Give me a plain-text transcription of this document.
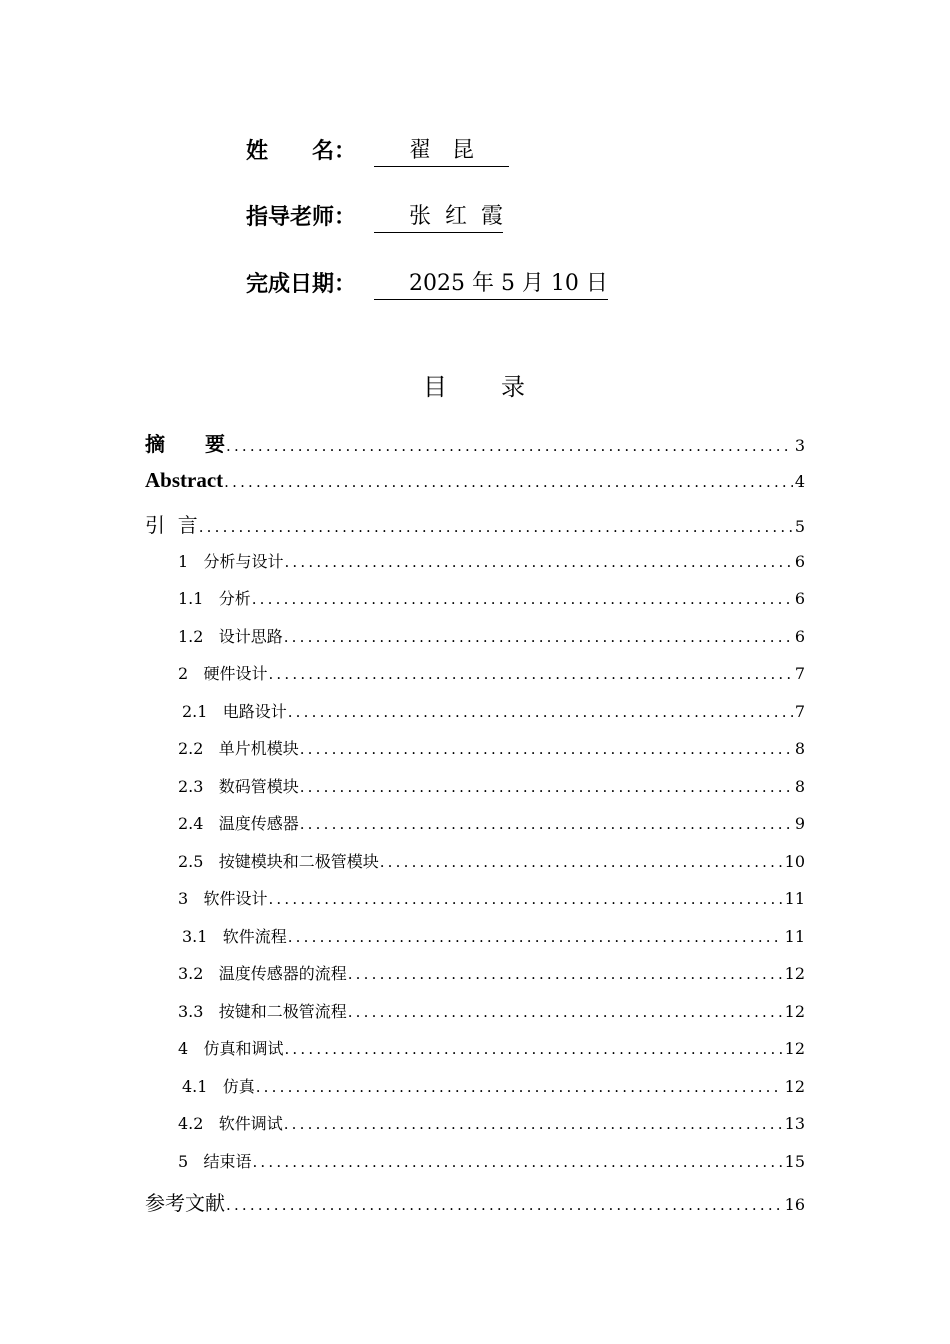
姓　　名： 翟   昆
指导老师： 张  红  霞
完成日期： 2025 年 5 月 10 日
目　　录
摘　　要 .....	3
Abstract .....	4
引  言 .....	5
1   分析与设计 .....	6
1.1   分析 .....	6
1.2   设计思路 .....	6
2   硬件设计 .....	7
2.1   电路设计 .....	7
2.2   单片机模块 .....	8
2.3   数码管模块 .....	8
2.4   温度传感器 .....	9
2.5   按键模块和二极管模块 .....	10
3   软件设计 .....	11
3.1   软件流程 .....	11
3.2   温度传感器的流程 .....	12
3.3   按键和二极管流程 .....	12
4   仿真和调试 .....	12
4.1   仿真 .....	12
4.2   软件调试 .....	13
5   结束语 .....	15
参考文献 .....	16
